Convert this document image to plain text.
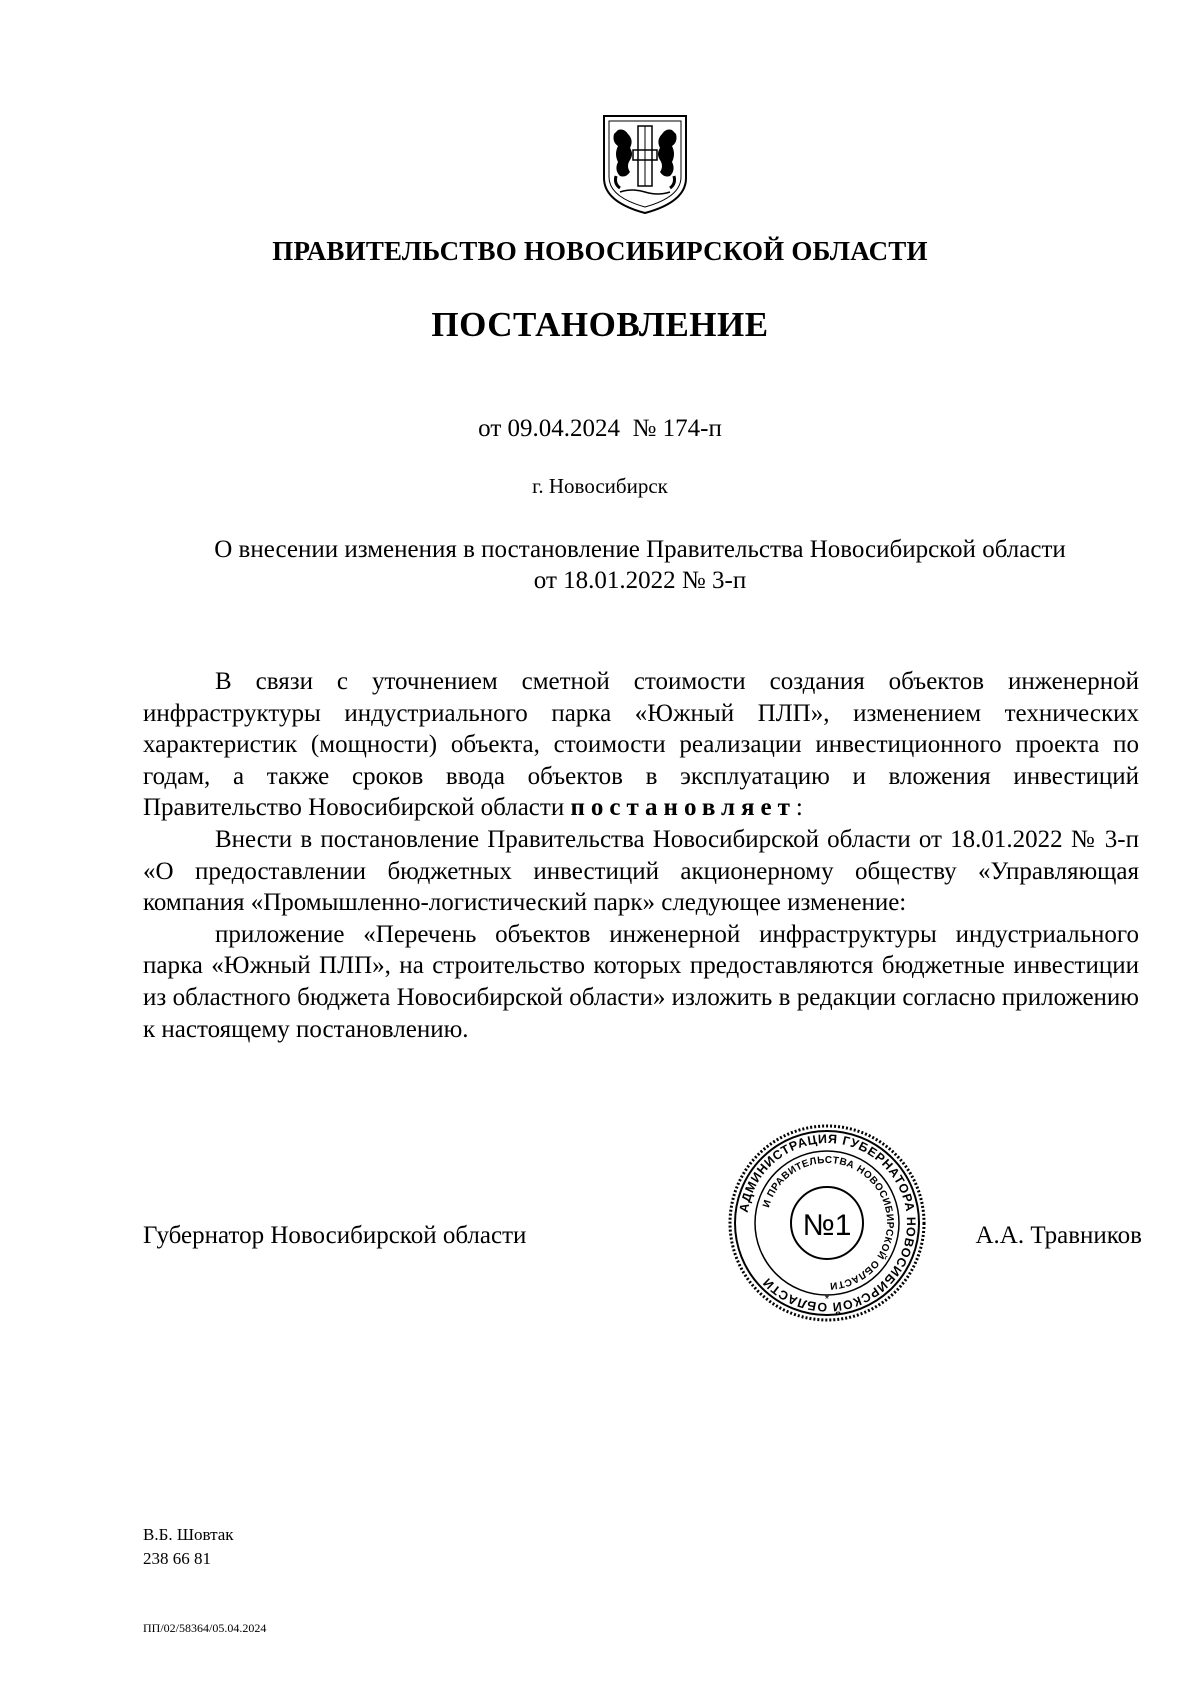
ПРАВИТЕЛЬСТВО НОВОСИБИРСКОЙ ОБЛАСТИ
ПОСТАНОВЛЕНИЕ
от 09.04.2024 № 174-п
г. Новосибирск
О внесении изменения в постановление Правительства Новосибирской области
от 18.01.2022 № 3-п

В связи с уточнением сметной стоимости создания объектов инженерной инфраструктуры индустриального парка «Южный ПЛП», изменением технических характеристик (мощности) объекта, стоимости реализации инвестиционного проекта по годам, а также сроков ввода объектов в эксплуатацию и вложения инвестиций Правительство Новосибирской области постановляет:

Внести в постановление Правительства Новосибирской области от 18.01.2022 № 3-п «О предоставлении бюджетных инвестиций акционерному обществу «Управляющая компания «Промышленно-логистический парк» следующее изменение:

приложение «Перечень объектов инженерной инфраструктуры индустриального парка «Южный ПЛП», на строительство которых предоставляются бюджетные инвестиции из областного бюджета Новосибирской области» изложить в редакции согласно приложению к настоящему постановлению.

Губернатор Новосибирской области
АДМИНИСТРАЦИЯ ГУБЕРНАТОРА НОВОСИБИРСКОЙ ОБЛАСТИ
И ПРАВИТЕЛЬСТВА НОВОСИБИРСКОЙ ОБЛАСТИ
№1
*
А.А. Травников
В.Б. Шовтак
238 66 81
ПП/02/58364/05.04.2024
